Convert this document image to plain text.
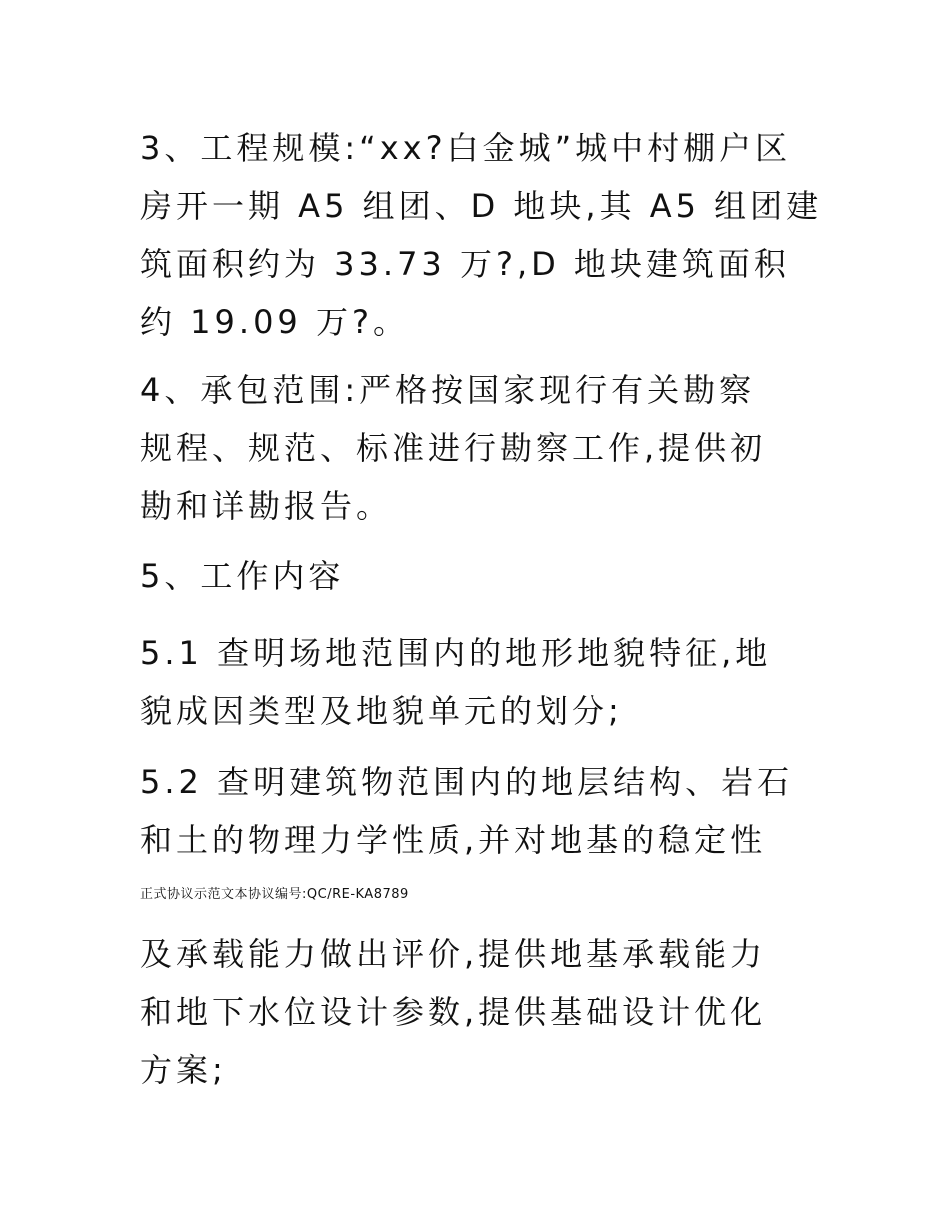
3、工程规模:“xx?白金城”城中村棚户区
房开一期 A5 组团、D 地块,其 A5 组团建
筑面积约为 33.73 万?,D 地块建筑面积
约 19.09 万?。
4、承包范围:严格按国家现行有关勘察
规程、规范、标准进行勘察工作,提供初
勘和详勘报告。
5、工作内容
5.1 查明场地范围内的地形地貌特征,地
貌成因类型及地貌单元的划分;
5.2 查明建筑物范围内的地层结构、岩石
和土的物理力学性质,并对地基的稳定性
正式协议示范文本协议编号:QC/RE-KA8789
及承载能力做出评价,提供地基承载能力
和地下水位设计参数,提供基础设计优化
方案;
